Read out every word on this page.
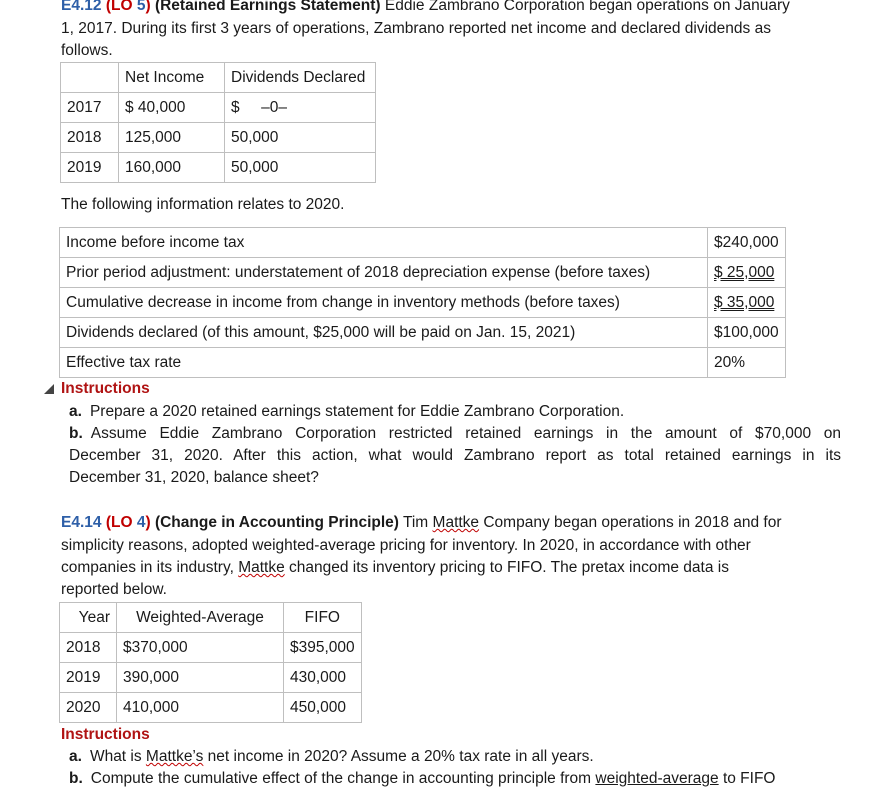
E4.12 (LO 5) (Retained Earnings Statement) Eddie Zambrano Corporation began operations on January
1, 2017. During its first 3 years of operations, Zambrano reported net income and declared dividends as
follows.
	Net Income	Dividends Declared
2017	$ 40,000	$     –0–
2018	125,000	50,000
2019	160,000	50,000
The following information relates to 2020.
Income before income tax	$240,000
Prior period adjustment: understatement of 2018 depreciation expense (before taxes)	$ 25,000
Cumulative decrease in income from change in inventory methods (before taxes)	$ 35,000
Dividends declared (of this amount, $25,000 will be paid on Jan. 15, 2021)	$100,000
Effective tax rate	20%
Instructions
a. Prepare a 2020 retained earnings statement for Eddie Zambrano Corporation.
b. Assume Eddie Zambrano Corporation restricted retained earnings in the amount of $70,000 on
December 31, 2020. After this action, what would Zambrano report as total retained earnings in its
December 31, 2020, balance sheet?
E4.14 (LO 4) (Change in Accounting Principle) Tim Mattke Company began operations in 2018 and for
simplicity reasons, adopted weighted-average pricing for inventory. In 2020, in accordance with other
companies in its industry, Mattke changed its inventory pricing to FIFO. The pretax income data is
reported below.
Year	Weighted-Average	FIFO
2018	$370,000	$395,000
2019	390,000	430,000
2020	410,000	450,000
Instructions
a. What is Mattke’s net income in 2020? Assume a 20% tax rate in all years.
b. Compute the cumulative effect of the change in accounting principle from weighted-average to FIFO
